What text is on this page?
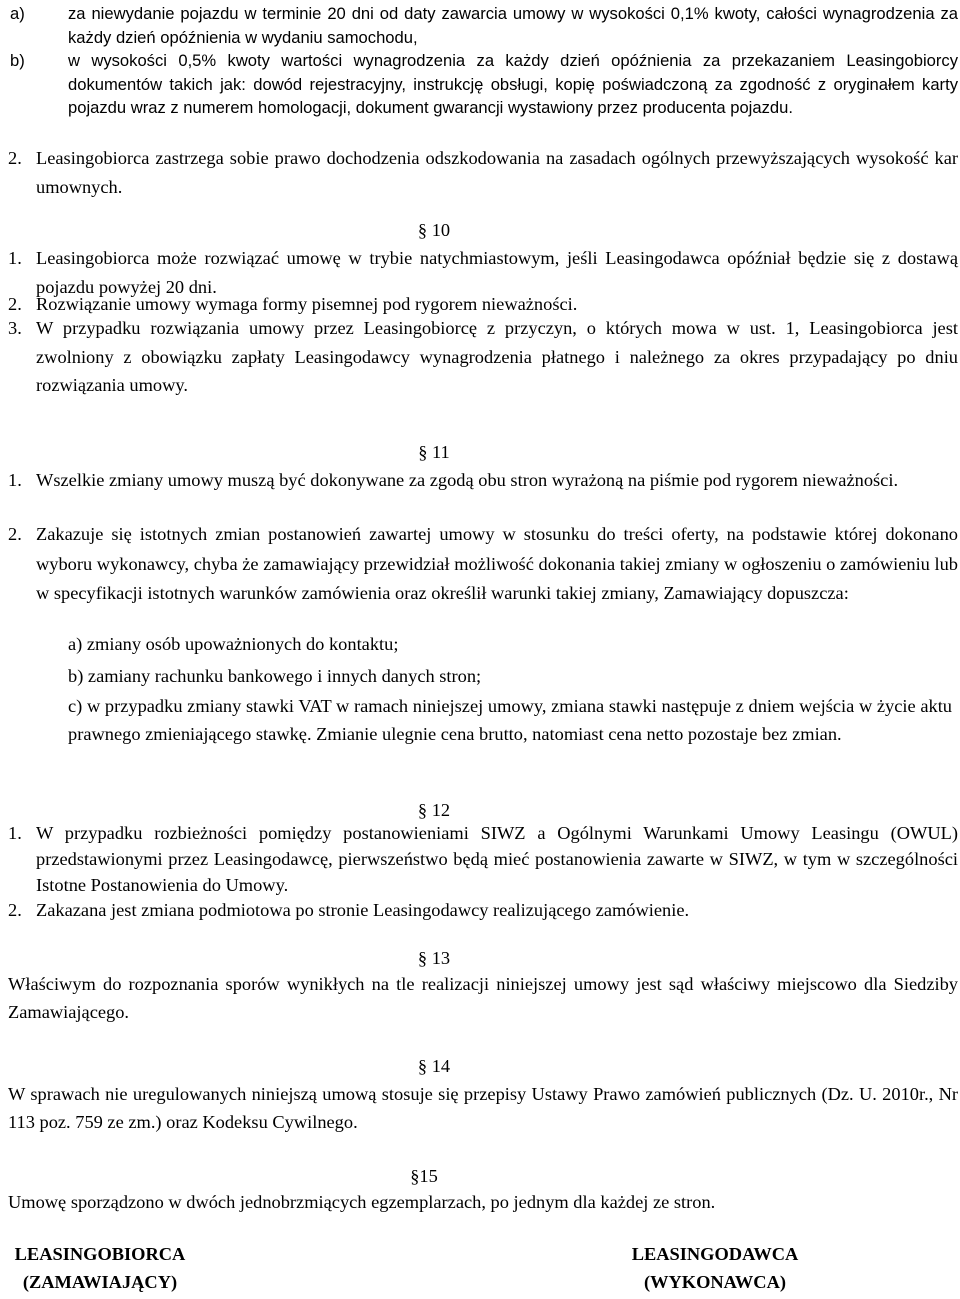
a)	za niewydanie pojazdu w terminie 20 dni od daty zawarcia umowy w wysokości 0,1% kwoty, całości wynagrodzenia za każdy dzień opóźnienia w wydaniu samochodu,
b)	w wysokości 0,5% kwoty wartości wynagrodzenia za każdy dzień opóźnienia za przekazaniem Leasingobiorcy dokumentów takich jak: dowód rejestracyjny, instrukcję obsługi, kopię poświadczoną za zgodność z oryginałem karty pojazdu wraz z numerem homologacji, dokument gwarancji wystawiony przez producenta pojazdu.
2. Leasingobiorca zastrzega sobie prawo dochodzenia odszkodowania na zasadach ogólnych przewyższających wysokość kar umownych.
§ 10
1. Leasingobiorca może rozwiązać umowę w trybie natychmiastowym, jeśli Leasingodawca opóźniał będzie się z dostawą pojazdu powyżej 20 dni.
2. Rozwiązanie umowy wymaga formy pisemnej pod rygorem nieważności.
3. W przypadku rozwiązania umowy przez Leasingobiorcę z przyczyn, o których mowa w ust. 1, Leasingobiorca jest zwolniony z obowiązku zapłaty Leasingodawcy wynagrodzenia płatnego i należnego za okres przypadający po dniu rozwiązania umowy.
§ 11
1. Wszelkie zmiany umowy muszą być dokonywane za zgodą obu stron wyrażoną na piśmie pod rygorem nieważności.
2. Zakazuje się istotnych zmian postanowień zawartej umowy w stosunku do treści oferty, na podstawie której dokonano wyboru wykonawcy, chyba że zamawiający przewidział możliwość dokonania takiej zmiany w ogłoszeniu o zamówieniu lub w specyfikacji istotnych warunków zamówienia oraz określił warunki takiej zmiany, Zamawiający dopuszcza:
a) zmiany osób upoważnionych do kontaktu;
b) zamiany rachunku bankowego i innych danych stron;
c) w przypadku zmiany stawki VAT w ramach niniejszej umowy, zmiana stawki następuje z dniem wejścia w życie aktu prawnego zmieniającego stawkę. Zmianie ulegnie cena brutto, natomiast cena netto pozostaje bez zmian.
§ 12
1. W przypadku rozbieżności pomiędzy postanowieniami SIWZ a Ogólnymi Warunkami Umowy Leasingu (OWUL) przedstawionymi przez Leasingodawcę, pierwszeństwo będą mieć postanowienia zawarte w SIWZ, w tym w szczególności Istotne Postanowienia do Umowy.
2. Zakazana jest zmiana podmiotowa po stronie Leasingodawcy realizującego zamówienie.
§ 13
Właściwym do rozpoznania sporów wynikłych na tle realizacji niniejszej umowy jest sąd właściwy miejscowo dla Siedziby Zamawiającego.
§ 14
W sprawach nie uregulowanych niniejszą umową stosuje się przepisy Ustawy Prawo zamówień publicznych (Dz. U. 2010r., Nr 113 poz. 759 ze zm.) oraz Kodeksu Cywilnego.
§15
Umowę sporządzono w dwóch jednobrzmiących egzemplarzach, po jednym dla każdej ze stron.
LEASINGOBIORCA
(ZAMAWIAJĄCY)
LEASINGODAWCA
(WYKONAWCA)
